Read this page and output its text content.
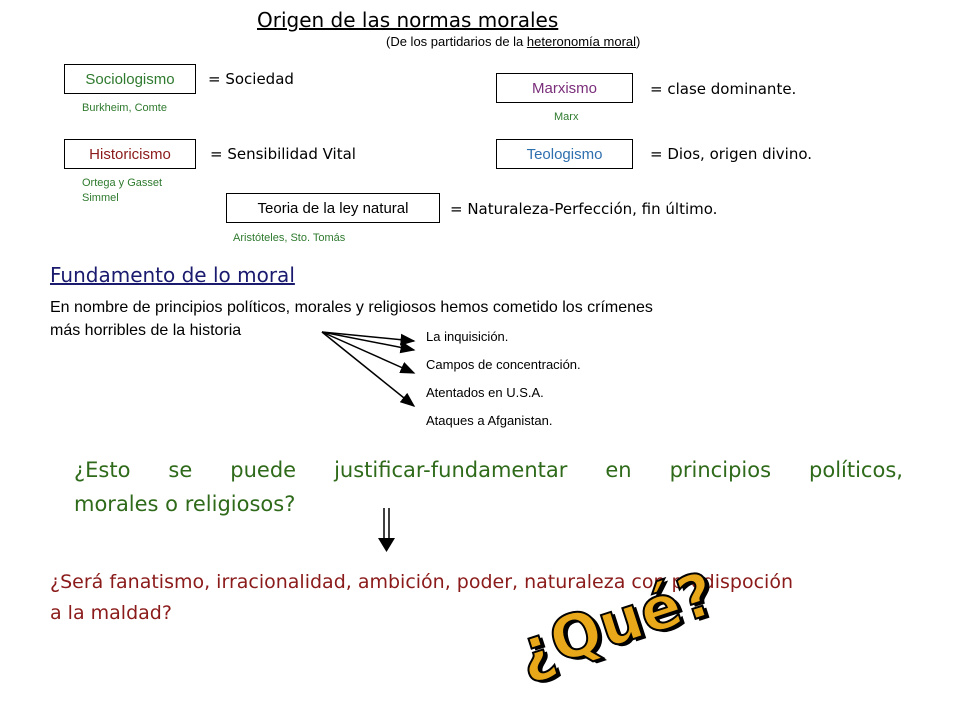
Origen de las normas morales
(De los partidarios de la heteronomía moral)
Sociologismo	= Sociedad
Burkheim, Comte
Historicismo	= Sensibilidad Vital
Ortega y Gasset
Simmel
Marxismo	= clase dominante.
Marx
Teologismo	= Dios, origen divino.
Teoria de la ley natural	= Naturaleza-Perfección, fin último.
Aristóteles, Sto. Tomás
Fundamento de lo moral
En nombre de principios políticos, morales y religiosos hemos cometido los crímenes
más horribles de la historia	La inquisición.
Campos de concentración.
Atentados en U.S.A.
Ataques a Afganistan.
¿Esto se puede justificar-fundamentar en principios políticos,
morales o religiosos?
¿Será fanatismo, irracionalidad, ambición, poder, naturaleza con predispoción
a la maldad?	¿Qué?
